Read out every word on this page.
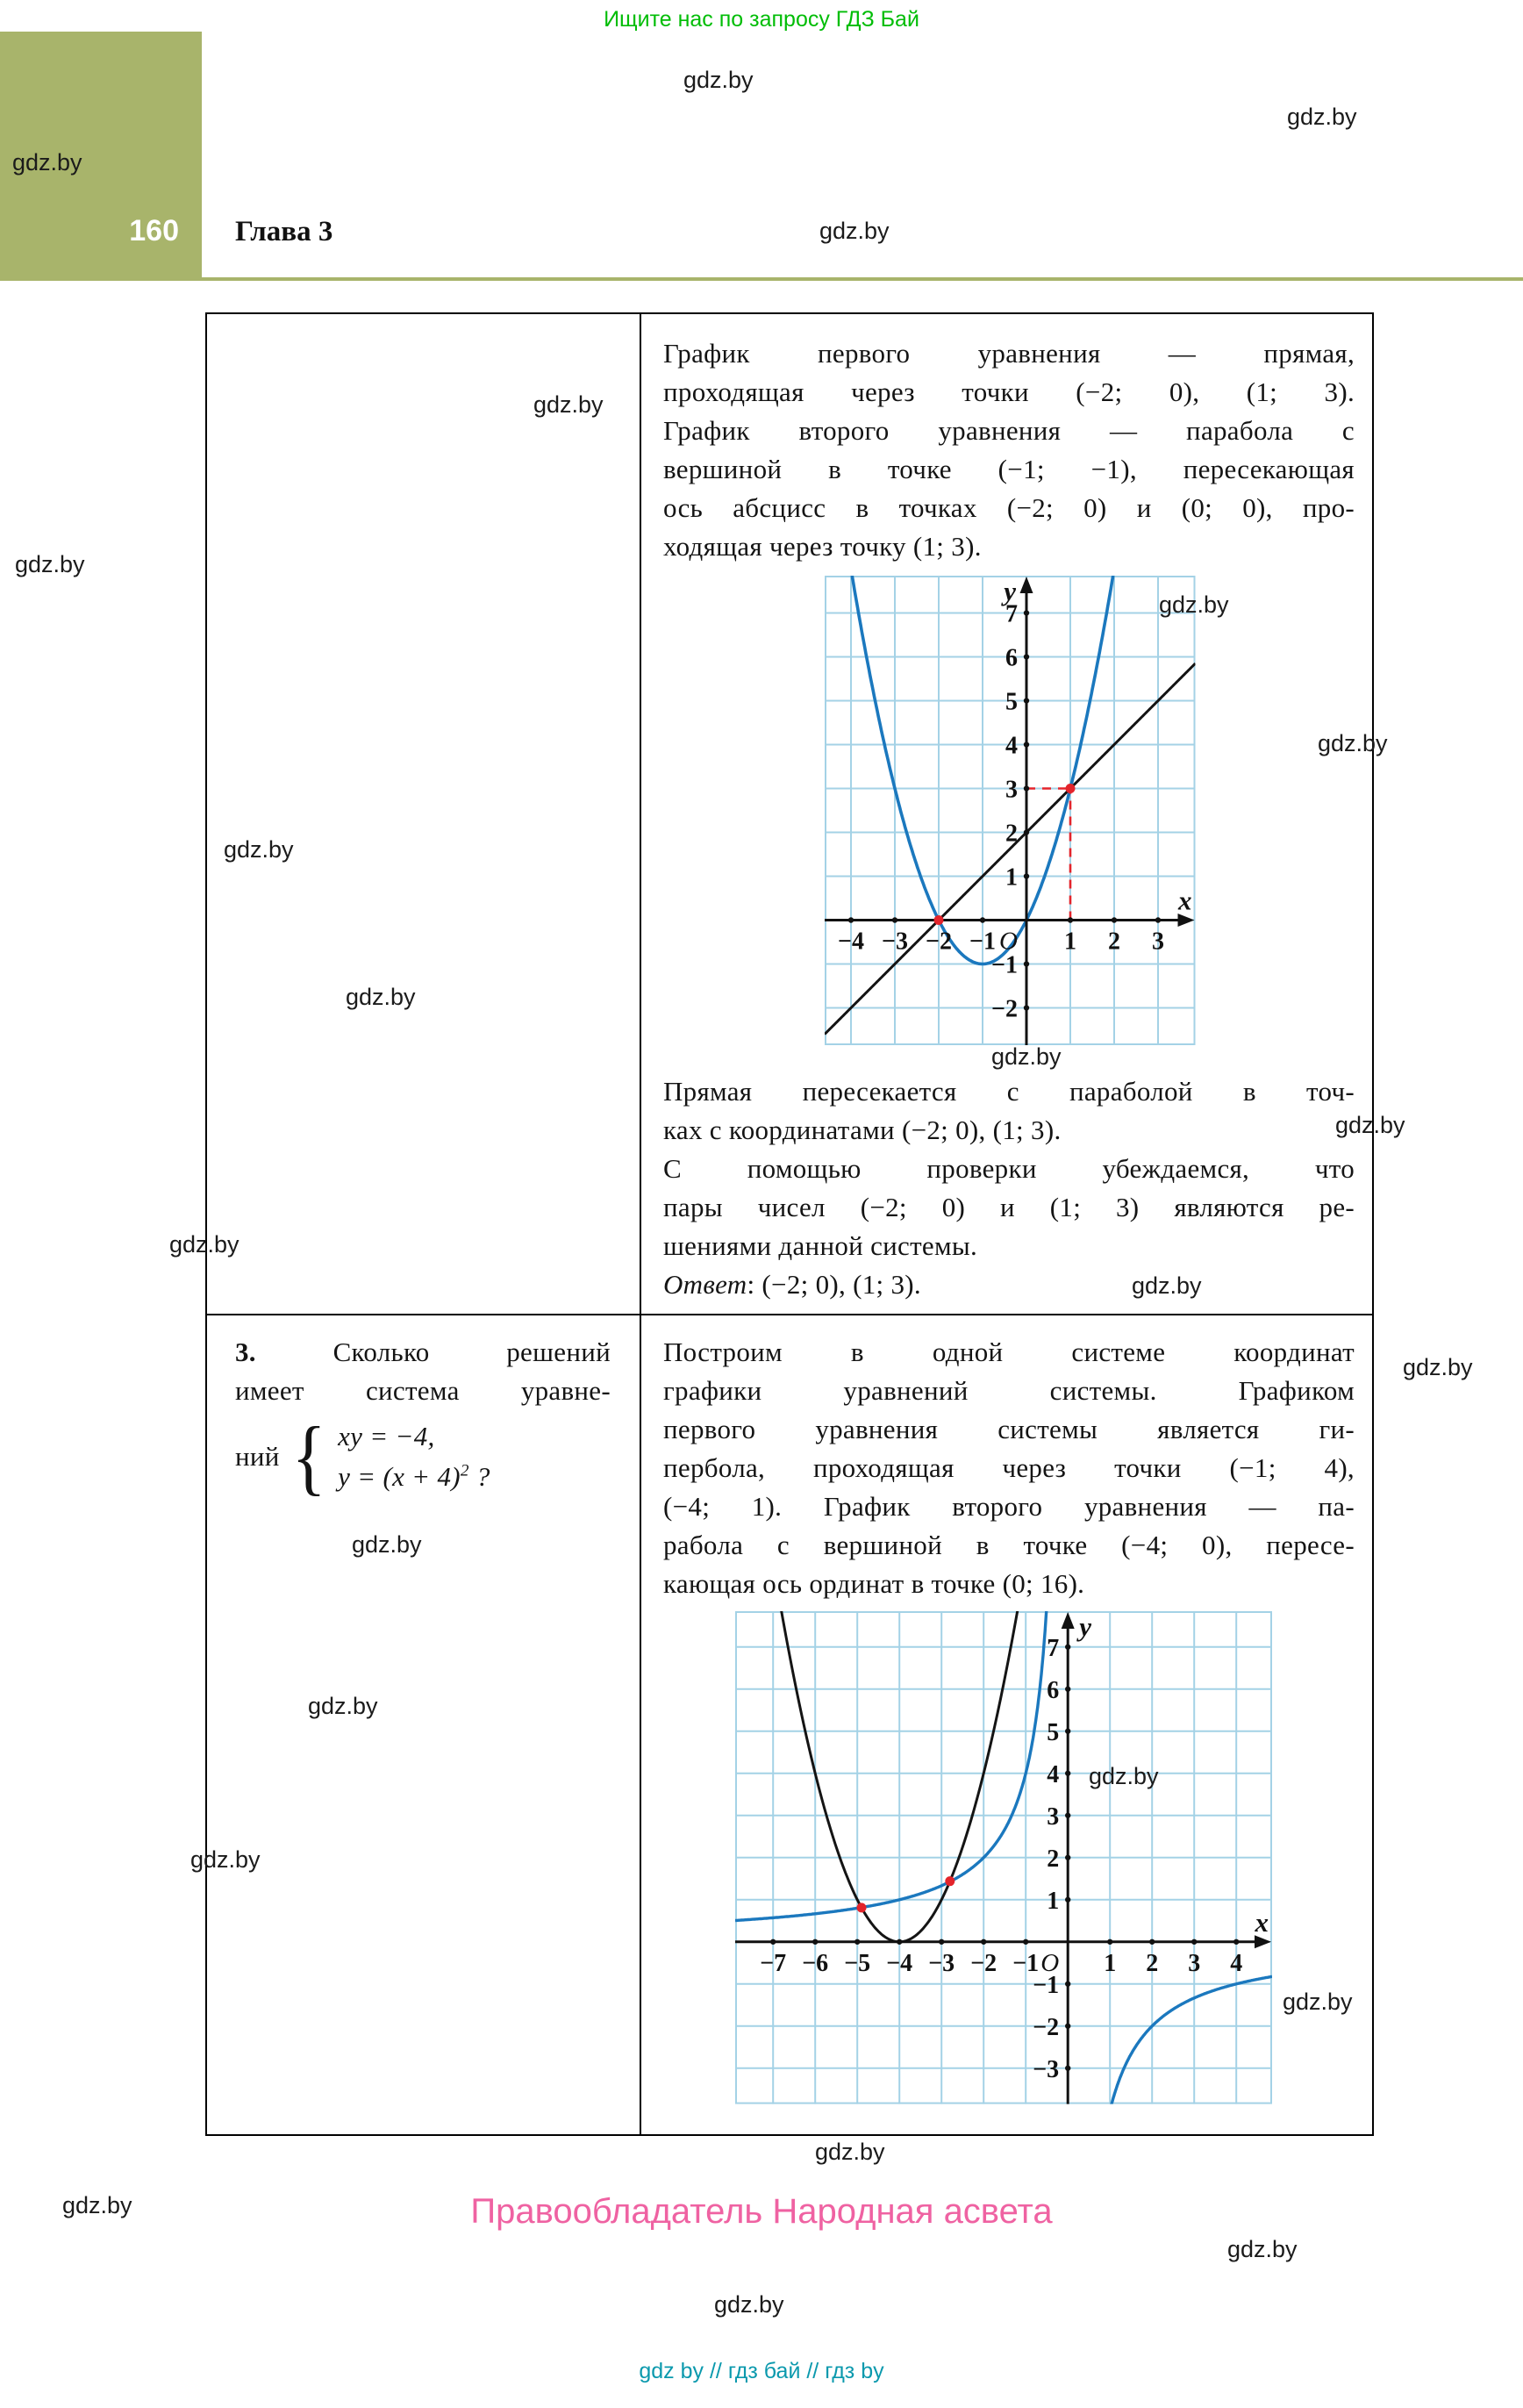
Ищите нас по запросу ГДЗ Бай
gdz.by
gdz.by
gdz.by
gdz.by
gdz.by
gdz.by
gdz.by
gdz.by
gdz.by
gdz.by
gdz.by
gdz.by
gdz.by
gdz.by
gdz.by
gdz.by
gdz.by
gdz.by
gdz.by
gdz.by
gdz.by
gdz.by
gdz.by
gdz.by
160 Глава 3
График первого уравнения — прямая,
проходящая через точки (−2; 0), (1; 3).
График второго уравнения — парабола с
вершиной в точке (−1; −1), пересекающая
ось абсцисс в точках (−2; 0) и (0; 0), про-
ходящая через точку (1; 3).
−4 −3 −2 −1	1 2 3
−2
−1
1
2
3
4
5
6
7
O
x
y
Прямая пересекается с параболой в точ-
ках с координатами (−2; 0), (1; 3).
С помощью проверки убеждаемся, что
пары чисел (−2; 0) и (1; 3) являются ре-
шениями данной системы.
Ответ: (−2; 0), (1; 3).
3.	Сколько решений
имеет система уравне-
ний { xy = −4,
$y = (x + 4)^2$ ?
Построим в одной системе координат
графики уравнений системы. Графиком
первого уравнения системы является ги-
пербола, проходящая через точки (−1; 4),
(−4; 1). График второго уравнения — па-
рабола с вершиной в точке (−4; 0), пересе-
кающая ось ординат в точке (0; 16).
−7 −6 −5 −4 −3 −2 −1	1 2 3 4
−3
−2
−1
1
2
3
4
5
6
7
O
x
y
Правообладатель Народная асвета
gdz by // гдз бай // гдз by
